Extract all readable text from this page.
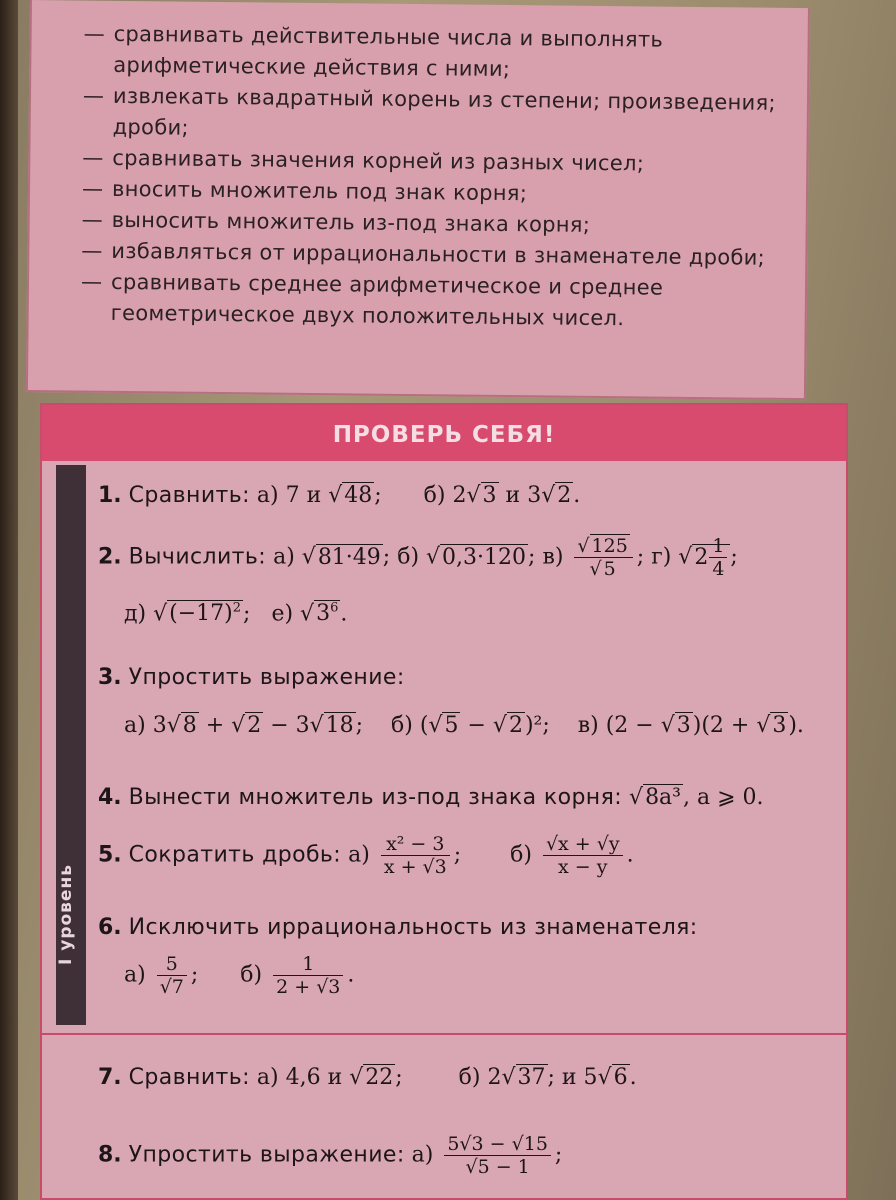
— сравнивать действительные числа и выполнять арифметические действия с ними;

— извлекать квадратный корень из степени; произведения; дроби;

— сравнивать значения корней из разных чисел;

— вносить множитель под знак корня;

— выносить множитель из-под знака корня;

— избавляться от иррациональности в знаменателе дроби;

— сравнивать среднее арифметическое и среднее геометрическое двух положительных чисел.

ПРОВЕРЬ СЕБЯ!
1. Сравнить: а) 7 и √48;      б) 2√3 и 3√2.
2. Вычислить: а) √81·49; б) √0,3·120; $в) \frac{√ 125}{√ 5}$ ; г) $√2 \frac{1}{4}$ ;
д) $√(-17)^2$;   е) $√3^6$.
3. Упростить выражение:
а) 3√8 + √2 − 3√18;    б) (√5 − √2)²; в) (2 − √3)(2 + √3).
4. Вынести множитель из-под знака корня: √8a³, a ⩾ 0.
5. Сократить дробь: $а) \frac{\text{x² − 3}}{x + √3}$ ;       $б) \frac{√x + √y}{x - y}$ .
6. Исключить иррациональность из знаменателя:
$а) \frac{5}{√7}$ ;      $б) \frac{1}{2 + √3}$ .
7. Сравнить: а) 4,6 и √22;        б) 2√37; и 5√6.
8. Упростить выражение: $а) \frac{5√3 - √15}{√5 - 1}$ ;
